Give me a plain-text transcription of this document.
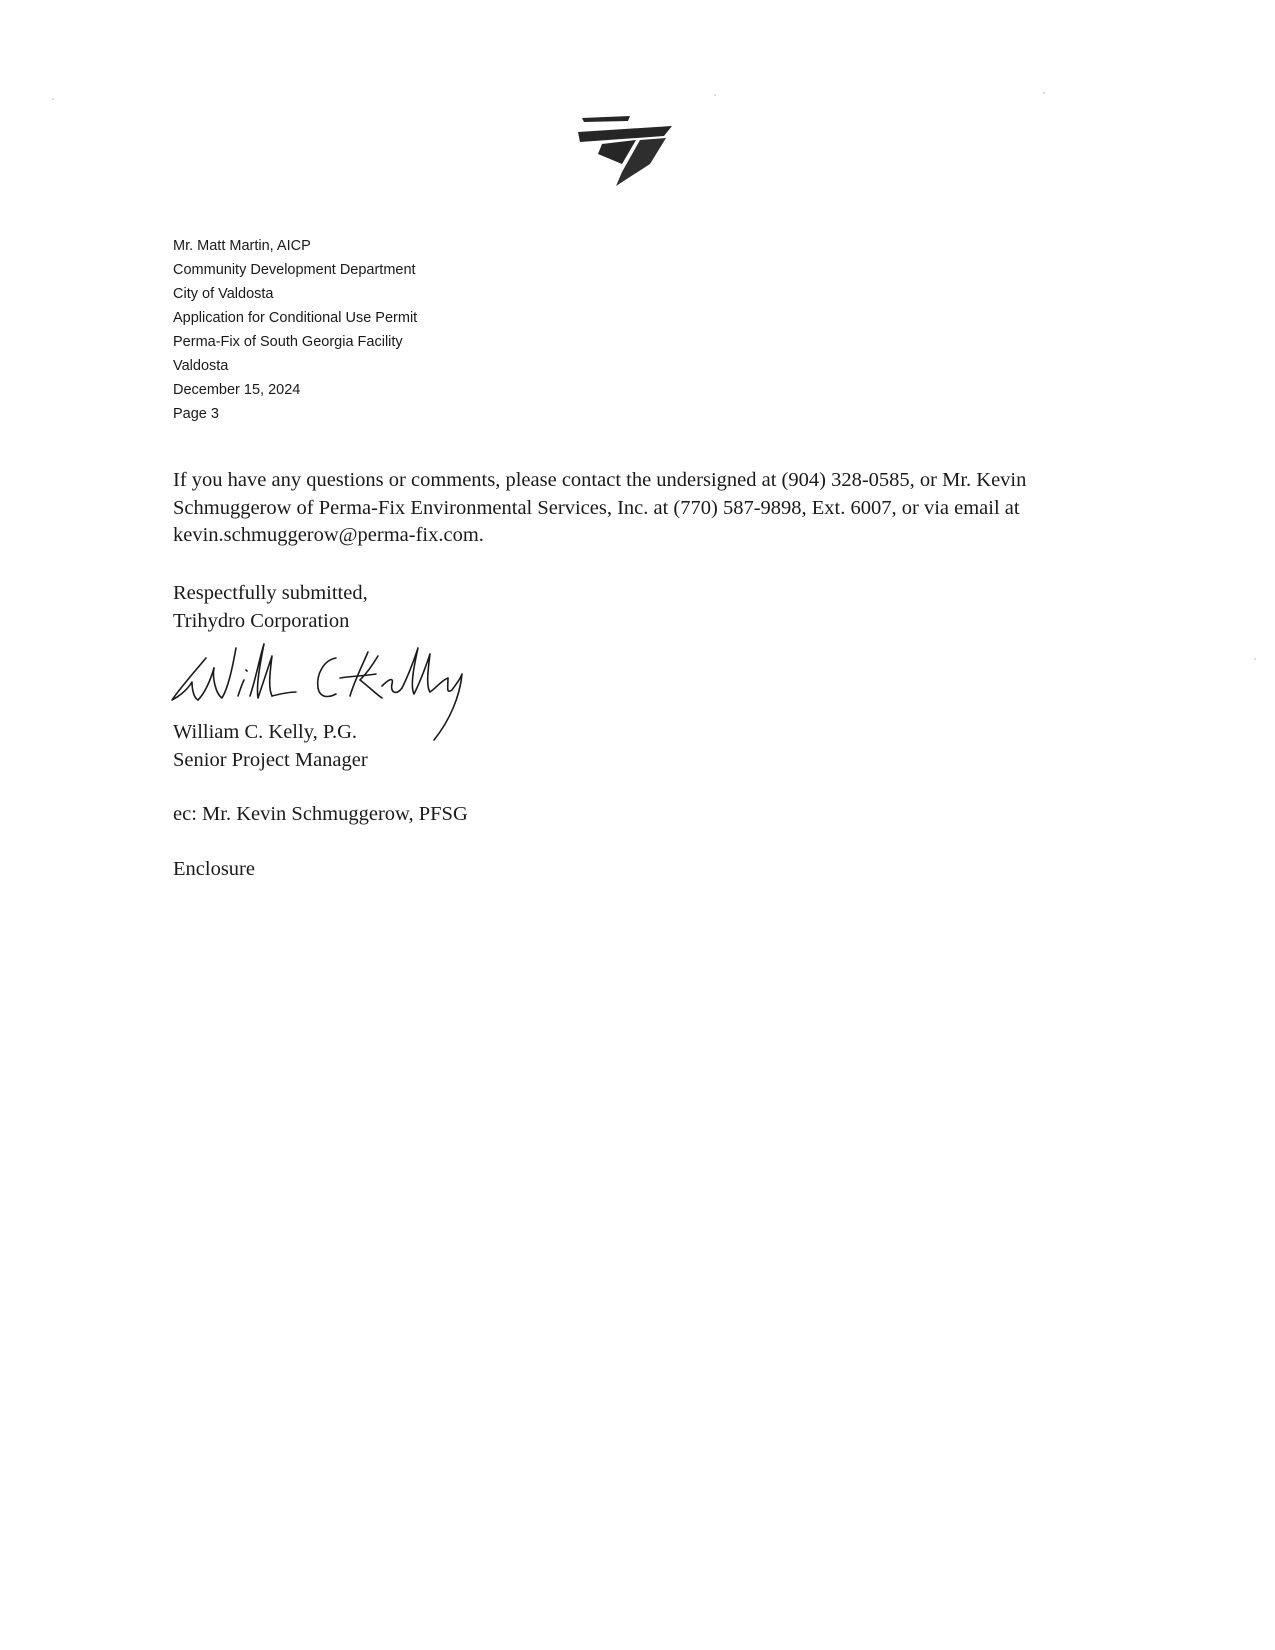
Mr. Matt Martin, AICP
Community Development Department
City of Valdosta
Application for Conditional Use Permit
Perma-Fix of South Georgia Facility
Valdosta
December 15, 2024
Page 3
If you have any questions or comments, please contact the undersigned at (904) 328-0585, or Mr. Kevin
Schmuggerow of Perma-Fix Environmental Services, Inc. at (770) 587-9898, Ext. 6007, or via email at
kevin.schmuggerow@perma-fix.com.
Respectfully submitted,
Trihydro Corporation
William C. Kelly, P.G.
Senior Project Manager
ec: Mr. Kevin Schmuggerow, PFSG
Enclosure
